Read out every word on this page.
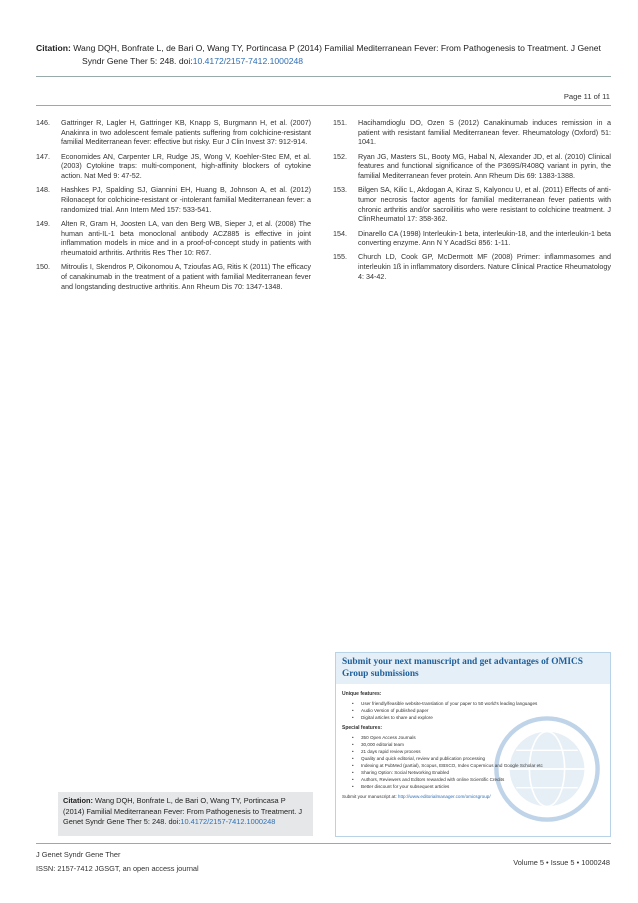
Citation: Wang DQH, Bonfrate L, de Bari O, Wang TY, Portincasa P (2014) Familial Mediterranean Fever: From Pathogenesis to Treatment. J Genet
Syndr Gene Ther 5: 248. doi:10.4172/2157-7412.1000248
Page 11 of 11
146.	Gattringer R, Lagler H, Gattringer KB, Knapp S, Burgmann H, et al. (2007) Anakinra in two adolescent female patients suffering from colchicine-resistant familial Mediterranean fever: effective but risky. Eur J Clin Invest 37: 912-914.
147.	Economides AN, Carpenter LR, Rudge JS, Wong V, Koehler-Stec EM, et al. (2003) Cytokine traps: multi-component, high-affinity blockers of cytokine action. Nat Med 9: 47-52.
148.	Hashkes PJ, Spalding SJ, Giannini EH, Huang B, Johnson A, et al. (2012) Rilonacept for colchicine-resistant or -intolerant familial Mediterranean fever: a randomized trial. Ann Intern Med 157: 533-541.
149.	Alten R, Gram H, Joosten LA, van den Berg WB, Sieper J, et al. (2008) The human anti-IL-1 beta monoclonal antibody ACZ885 is effective in joint inflammation models in mice and in a proof-of-concept study in patients with rheumatoid arthritis. Arthritis Res Ther 10: R67.
150.	Mitroulis I, Skendros P, Oikonomou A, Tzioufas AG, Ritis K (2011) The efficacy of canakinumab in the treatment of a patient with familial Mediterranean fever and longstanding destructive arthritis. Ann Rheum Dis 70: 1347-1348.
151.	Hacihamdioglu DO, Ozen S (2012) Canakinumab induces remission in a patient with resistant familial Mediterranean fever. Rheumatology (Oxford) 51: 1041.
152.	Ryan JG, Masters SL, Booty MG, Habal N, Alexander JD, et al. (2010) Clinical features and functional significance of the P369S/R408Q variant in pyrin, the familial Mediterranean fever protein. Ann Rheum Dis 69: 1383-1388.
153.	Bilgen SA, Kilic L, Akdogan A, Kiraz S, Kalyoncu U, et al. (2011) Effects of anti-tumor necrosis factor agents for familial mediterranean fever patients with chronic arthritis and/or sacroiliitis who were resistant to colchicine treatment. J ClinRheumatol 17: 358-362.
154.	Dinarello CA (1998) Interleukin-1 beta, interleukin-18, and the interleukin-1 beta converting enzyme. Ann N Y AcadSci 856: 1-11.
155.	Church LD, Cook GP, McDermott MF (2008) Primer: inflammasomes and interleukin 1ß in inflammatory disorders. Nature Clinical Practice Rheumatology 4: 34-42.
Submit your next manuscript and get advantages of OMICS Group submissions
Unique features:
• User friendly/feasible website-translation of your paper to 50 world's leading languages
• Audio Version of published paper
• Digital articles to share and explore
Special features:
• 350 Open Access Journals
• 30,000 editorial team
• 21 days rapid review process
• Quality and quick editorial, review and publication processing
• Indexing at PubMed (partial), Scopus, EBSCO, Index Copernicus and Google Scholar etc
• Sharing Option: Social Networking Enabled
• Authors, Reviewers and Editors rewarded with online Scientific Credits
• Better discount for your subsequent articles
Submit your manuscript at: http://www.editorialmanager.com/omicsgroup/
Citation: Wang DQH, Bonfrate L, de Bari O, Wang TY, Portincasa P (2014) Familial Mediterranean Fever: From Pathogenesis to Treatment. J Genet Syndr Gene Ther 5: 248. doi:10.4172/2157-7412.1000248
J Genet Syndr Gene Ther
ISSN: 2157-7412 JGSGT, an open access journal
Volume 5 • Issue 5 • 1000248
